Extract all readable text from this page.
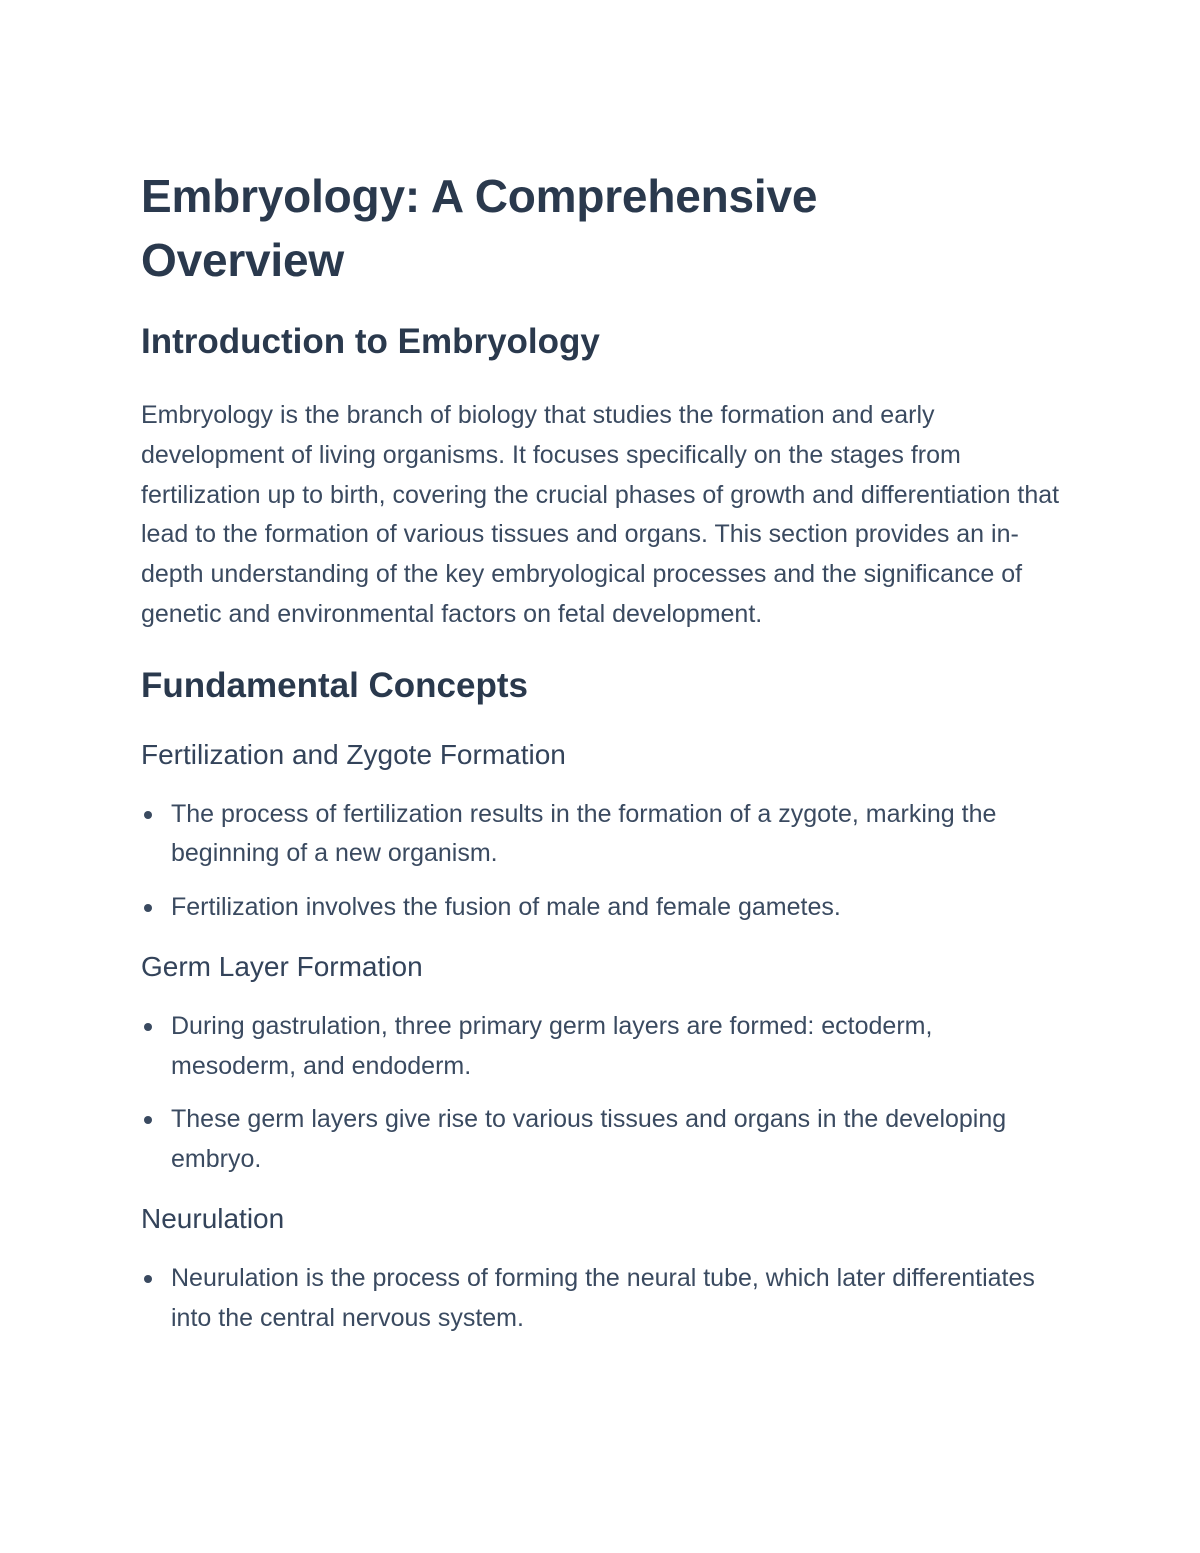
Embryology: A Comprehensive Overview
Introduction to Embryology

Embryology is the branch of biology that studies the formation and early development of living organisms. It focuses specifically on the stages from fertilization up to birth, covering the crucial phases of growth and differentiation that lead to the formation of various tissues and organs. This section provides an in-depth understanding of the key embryological processes and the significance of genetic and environmental factors on fetal development.

Fundamental Concepts
Fertilization and Zygote Formation
The process of fertilization results in the formation of a zygote, marking the beginning of a new organism.
Fertilization involves the fusion of male and female gametes.
Germ Layer Formation
During gastrulation, three primary germ layers are formed: ectoderm, mesoderm, and endoderm.
These germ layers give rise to various tissues and organs in the developing embryo.
Neurulation
Neurulation is the process of forming the neural tube, which later differentiates into the central nervous system.
